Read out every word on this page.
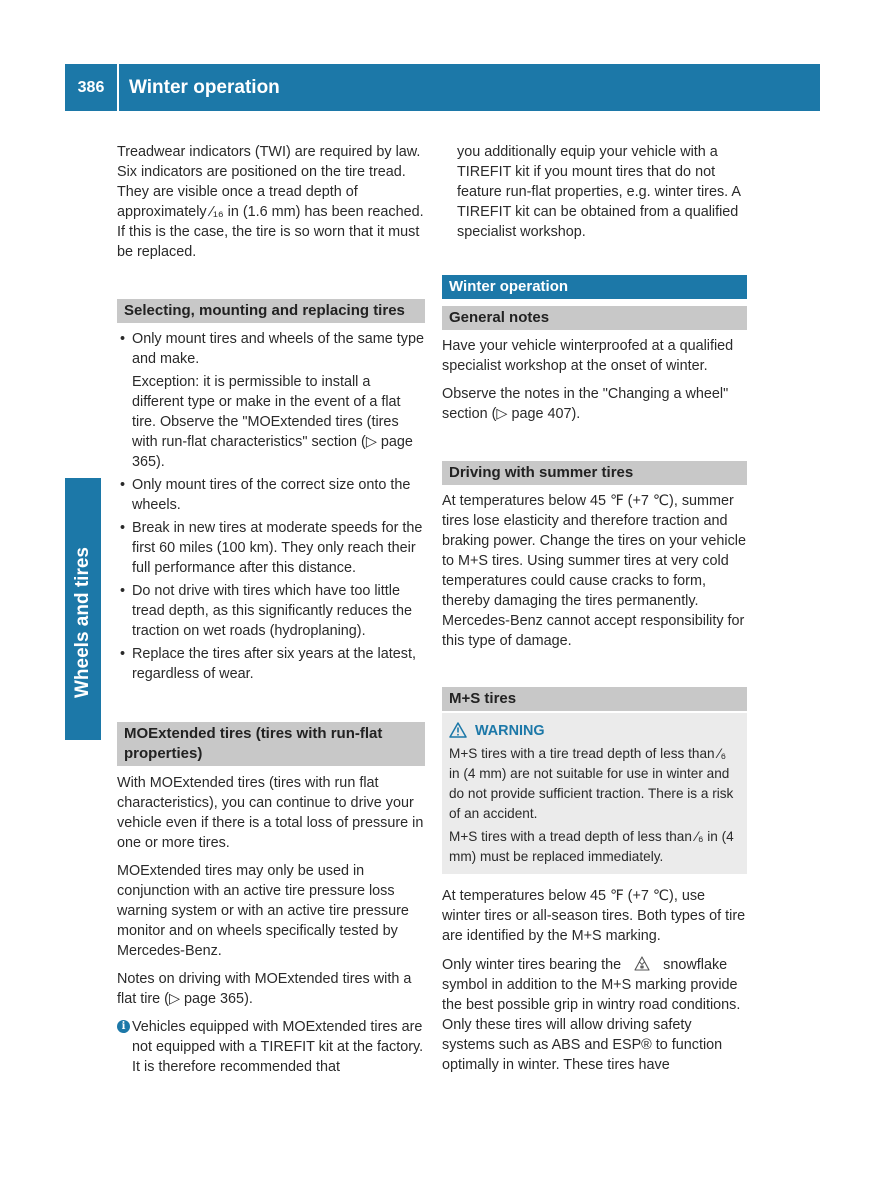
386	Winter operation
Wheels and tires

Treadwear indicators (TWI) are required by law. Six indicators are positioned on the tire tread. They are visible once a tread depth of approximately ⁄₁₆ in (1.6 mm) has been reached. If this is the case, the tire is so worn that it must be replaced.

Selecting, mounting and replacing tires
• Only mount tires and wheels of the same type and make.
Exception: it is permissible to install a different type or make in the event of a flat tire. Observe the "MOExtended tires (tires with run-flat characteristics" section (▷ page 365).
• Only mount tires of the correct size onto the wheels.
• Break in new tires at moderate speeds for the first 60 miles (100 km). They only reach their full performance after this distance.
• Do not drive with tires which have too little tread depth, as this significantly reduces the traction on wet roads (hydroplaning).
• Replace the tires after six years at the latest, regardless of wear.
MOExtended tires (tires with run-flat properties)

With MOExtended tires (tires with run flat characteristics), you can continue to drive your vehicle even if there is a total loss of pressure in one or more tires.

MOExtended tires may only be used in conjunction with an active tire pressure loss warning system or with an active tire pressure monitor and on wheels specifically tested by Mercedes-Benz.

Notes on driving with MOExtended tires with a flat tire (▷ page 365).

i Vehicles equipped with MOExtended tires are not equipped with a TIREFIT kit at the factory. It is therefore recommended that

you additionally equip your vehicle with a TIREFIT kit if you mount tires that do not feature run-flat properties, e.g. winter tires. A TIREFIT kit can be obtained from a qualified specialist workshop.

Winter operation
General notes

Have your vehicle winterproofed at a qualified specialist workshop at the onset of winter.

Observe the notes in the "Changing a wheel" section (▷ page 407).

Driving with summer tires

At temperatures below 45 ℉ (+7 ℃), summer tires lose elasticity and therefore traction and braking power. Change the tires on your vehicle to M+S tires. Using summer tires at very cold temperatures could cause cracks to form, thereby damaging the tires permanently. Mercedes-Benz cannot accept responsibility for this type of damage.

M+S tires
WARNING

M+S tires with a tire tread depth of less than ⁄₆ in (4 mm) are not suitable for use in winter and do not provide sufficient traction. There is a risk of an accident.

M+S tires with a tread depth of less than ⁄₆ in (4 mm) must be replaced immediately.

At temperatures below 45 ℉ (+7 ℃), use winter tires or all-season tires. Both types of tire are identified by the M+S marking.

Only winter tires bearing the	snowflake symbol in addition to the M+S marking provide the best possible grip in wintry road conditions. Only these tires will allow driving safety systems such as ABS and ESP® to function optimally in winter. These tires have
